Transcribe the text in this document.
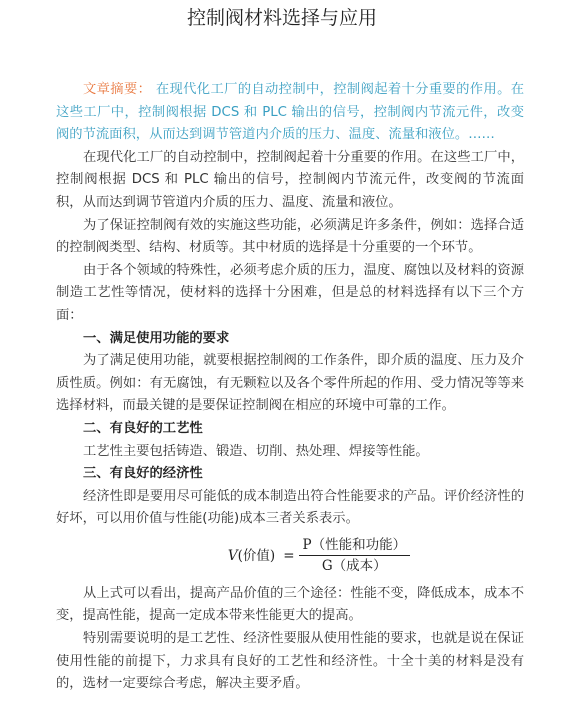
控制阀材料选择与应用

文章摘要： 在现代化工厂的自动控制中，控制阀起着十分重要的作用。在这些工厂中，控制阀根据 DCS 和 PLC 输出的信号，控制阀内节流元件，改变阀的节流面积，从而达到调节管道内介质的压力、温度、流量和液位。……

在现代化工厂的自动控制中，控制阀起着十分重要的作用。在这些工厂中，控制阀根据 DCS 和 PLC 输出的信号，控制阀内节流元件，改变阀的节流面积，从而达到调节管道内介质的压力、温度、流量和液位。

为了保证控制阀有效的实施这些功能，必须满足许多条件，例如：选择合适的控制阀类型、结构、材质等。其中材质的选择是十分重要的一个环节。

由于各个领域的特殊性，必须考虑介质的压力，温度、腐蚀以及材料的资源制造工艺性等情况，使材料的选择十分困难，但是总的材料选择有以下三个方面：

一、满足使用功能的要求

为了满足使用功能，就要根据控制阀的工作条件，即介质的温度、压力及介质性质。例如：有无腐蚀，有无颗粒以及各个零件所起的作用、受力情况等等来选择材料，而最关键的是要保证控制阀在相应的环境中可靠的工作。

二、有良好的工艺性

工艺性主要包括铸造、锻造、切削、热处理、焊接等性能。

三、有良好的经济性

经济性即是要用尽可能低的成本制造出符合性能要求的产品。评价经济性的好坏，可以用价值与性能(功能)成本三者关系表示。

V(价值) = $\frac{\text{P（性能和功能）}}{\text{G（成本）}}$

从上式可以看出，提高产品价值的三个途径：性能不变，降低成本，成本不变，提高性能，提高一定成本带来性能更大的提高。

特别需要说明的是工艺性、经济性要服从使用性能的要求，也就是说在保证使用性能的前提下，力求具有良好的工艺性和经济性。十全十美的材料是没有的，选材一定要综合考虑，解决主要矛盾。
